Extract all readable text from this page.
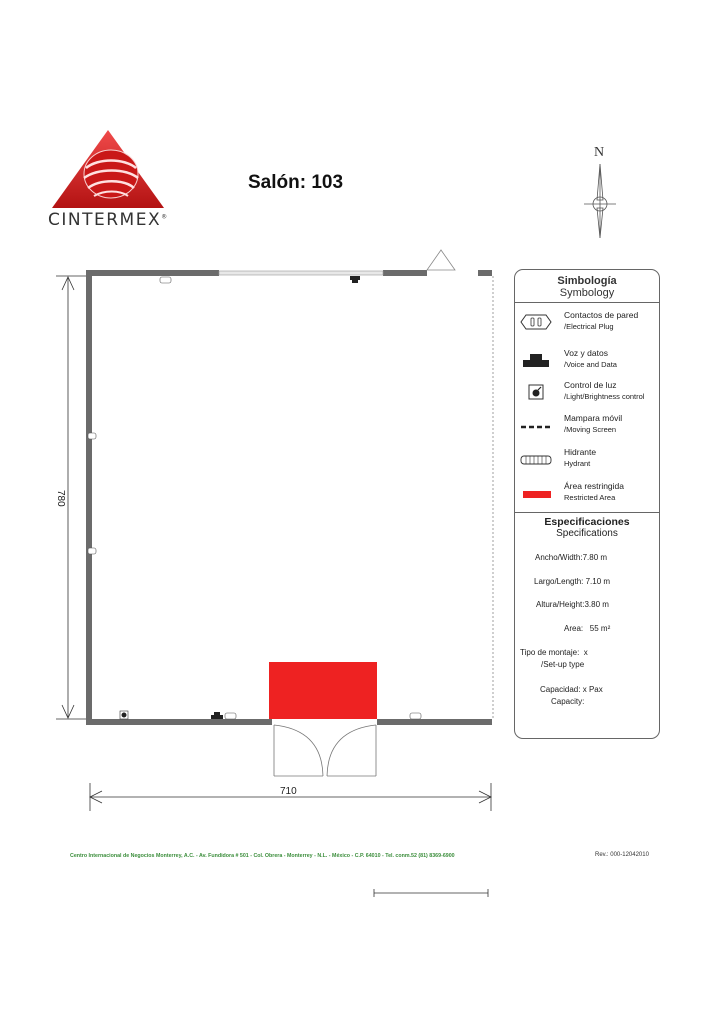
CINTERMEX®
Salón: 103
N
710
780
Simbología
Symbology
Contactos de pared
/Electrical Plug
Voz y datos
/Voice and Data
Control de luz
/Light/Brightness control
Mampara móvil
/Moving Screen
Hidrante
Hydrant
Área restringida
Restricted Area
Especificaciones
Specifications
Ancho/Width:7.80 m
Largo/Length: 7.10 m
Altura/Height:3.80 m
Area: 55 m²
Tipo de montaje: x
/Set-up type
Capacidad: x Pax
Capacity:
Centro Internacional de Negocios Monterrey, A.C. - Av. Fundidora # 501 - Col. Obrera - Monterrey - N.L. - México - C.P. 64010 - Tel. conm.52 (81) 8369-6900	Rev.: 000-12042010
